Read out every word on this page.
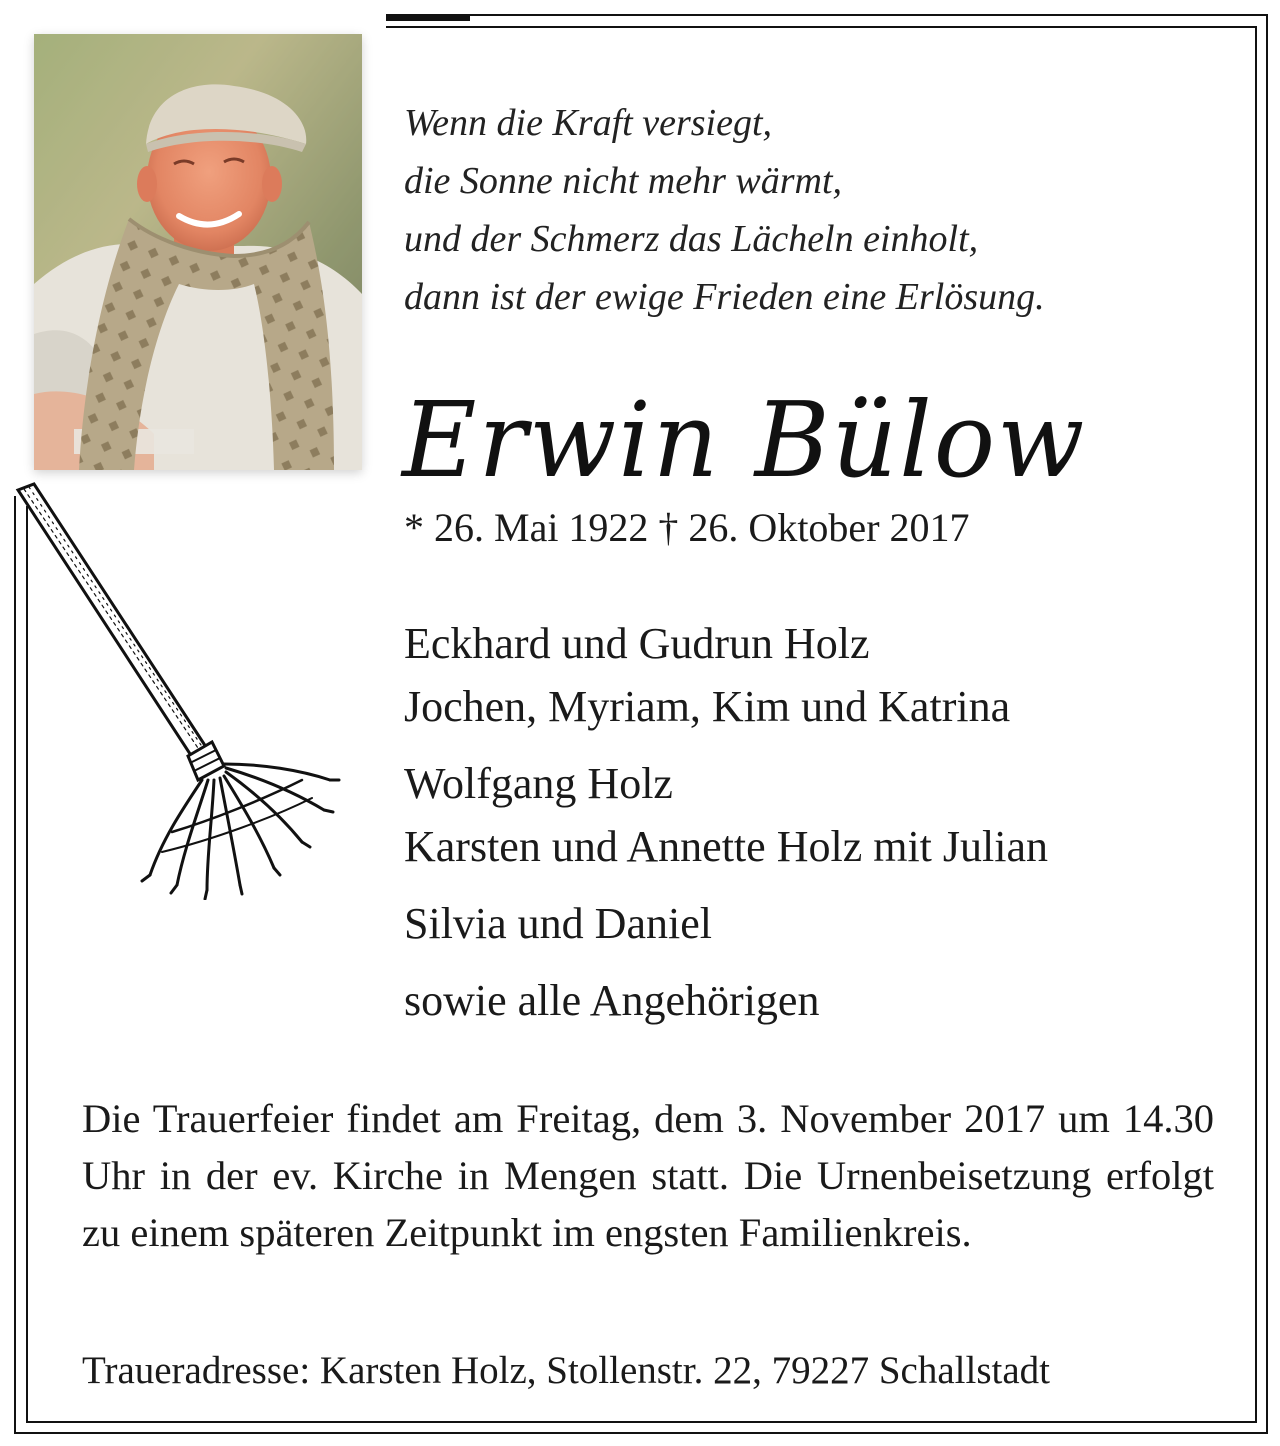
Wenn die Kraft versiegt,
die Sonne nicht mehr wärmt,
und der Schmerz das Lächeln einholt,
dann ist der ewige Frieden eine Erlösung.
Erwin Bülow
* 26. Mai 1922 † 26. Oktober 2017
Eckhard und Gudrun Holz
Jochen, Myriam, Kim und Katrina
Wolfgang Holz
Karsten und Annette Holz mit Julian
Silvia und Daniel
sowie alle Angehörigen
Die Trauerfeier findet am Freitag, dem 3. November 2017 um 14.30 Uhr in der ev. Kirche in Mengen statt. Die Urnenbeisetzung erfolgt zu einem späteren Zeitpunkt im engsten Familienkreis.
Traueradresse: Karsten Holz, Stollenstr. 22, 79227 Schallstadt
